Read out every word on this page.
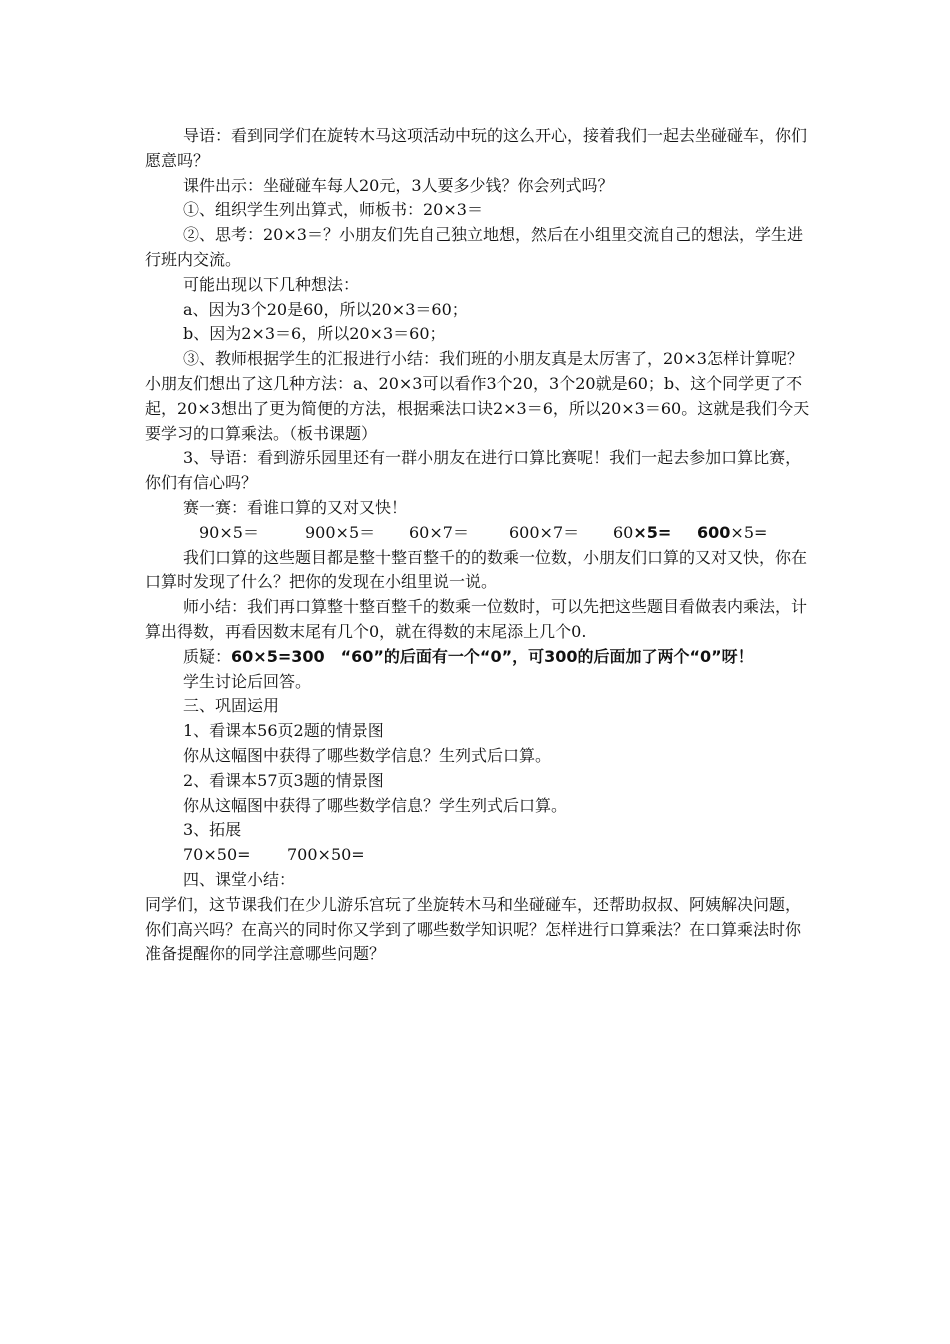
导语：看到同学们在旋转木马这项活动中玩的这么开心，接着我们一起去坐碰碰车，你们愿意吗？

课件出示：坐碰碰车每人20元，3人要多少钱？你会列式吗？

①、组织学生列出算式，师板书：20×3＝

②、思考：20×3＝？小朋友们先自己独立地想，然后在小组里交流自己的想法，学生进行班内交流。

可能出现以下几种想法：

a、因为3个20是60，所以20×3＝60；

b、因为2×3＝6，所以20×3＝60；

③、教师根据学生的汇报进行小结：我们班的小朋友真是太厉害了，20×3怎样计算呢？小朋友们想出了这几种方法：a、20×3可以看作3个20，3个20就是60；b、这个同学更了不起，20×3想出了更为简便的方法，根据乘法口诀2×3＝6，所以20×3＝60。这就是我们今天要学习的口算乘法。（板书课题）

3、导语：看到游乐园里还有一群小朋友在进行口算比赛呢！我们一起去参加口算比赛，你们有信心吗？

赛一赛：看谁口算的又对又快！

90×5＝	900×5＝ 60×7＝	600×7＝ 60×5= 600×5=

我们口算的这些题目都是整十整百整千的的数乘一位数，小朋友们口算的又对又快，你在口算时发现了什么？把你的发现在小组里说一说。

师小结：我们再口算整十整百整千的数乘一位数时，可以先把这些题目看做表内乘法，计算出得数，再看因数末尾有几个0，就在得数的末尾添上几个0.

质疑：60×5=300　“60”的后面有一个“0”，可300的后面加了两个“0”呀！

学生讨论后回答。

三、巩固运用

1、看课本56页2题的情景图

你从这幅图中获得了哪些数学信息？生列式后口算。

2、看课本57页3题的情景图

你从这幅图中获得了哪些数学信息？学生列式后口算。

3、拓展

70×50= 700×50=

四、课堂小结：

同学们，这节课我们在少儿游乐宫玩了坐旋转木马和坐碰碰车，还帮助叔叔、阿姨解决问题，你们高兴吗？在高兴的同时你又学到了哪些数学知识呢？怎样进行口算乘法？在口算乘法时你准备提醒你的同学注意哪些问题？
